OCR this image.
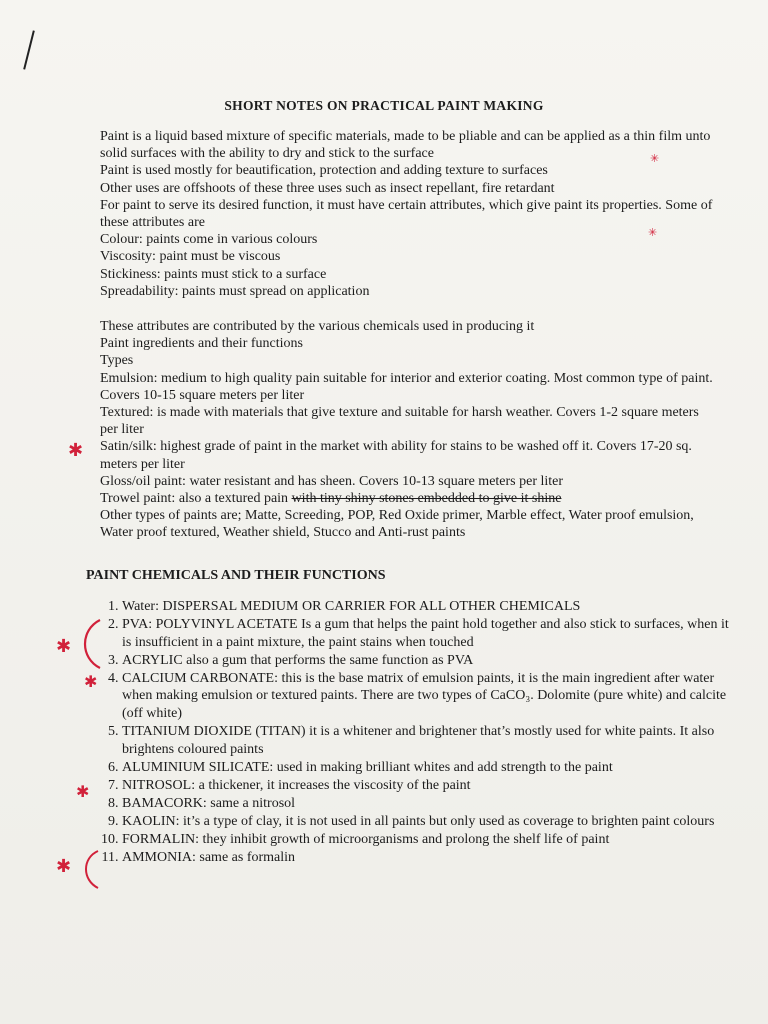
SHORT NOTES ON PRACTICAL PAINT MAKING

Paint is a liquid based mixture of specific materials, made to be pliable and can be applied as a thin film unto solid surfaces with the ability to dry and stick to the surface

Paint is used mostly for beautification, protection and adding texture to surfaces

Other uses are offshoots of these three uses such as insect repellant, fire retardant

For paint to serve its desired function, it must have certain attributes, which give paint its properties. Some of these attributes are

Colour: paints come in various colours

Viscosity: paint must be viscous

Stickiness: paints must stick to a surface

Spreadability: paints must spread on application

These attributes are contributed by the various chemicals used in producing it

Paint ingredients and their functions

Types

Emulsion: medium to high quality pain suitable for interior and exterior coating. Most common type of paint. Covers 10-15 square meters per liter

Textured: is made with materials that give texture and suitable for harsh weather. Covers 1-2 square meters per liter

Satin/silk: highest grade of paint in the market with ability for stains to be washed off it. Covers 17-20 sq. meters per liter

Gloss/oil paint: water resistant and has sheen. Covers 10-13 square meters per liter

Trowel paint: also a textured pain with tiny shiny stones embedded to give it shine

Other types of paints are; Matte, Screeding, POP, Red Oxide primer, Marble effect, Water proof emulsion, Water proof textured, Weather shield, Stucco and Anti-rust paints

PAINT CHEMICALS AND THEIR FUNCTIONS
1. Water: DISPERSAL MEDIUM OR CARRIER FOR ALL OTHER CHEMICALS
2. PVA: POLYVINYL ACETATE Is a gum that helps the paint hold together and also stick to surfaces, when it is insufficient in a paint mixture, the paint stains when touched
3. ACRYLIC also a gum that performs the same function as PVA
4. CALCIUM CARBONATE: this is the base matrix of emulsion paints, it is the main ingredient after water when making emulsion or textured paints. There are two types of CaCO₃. Dolomite (pure white) and calcite (off white)
5. TITANIUM DIOXIDE (TITAN) it is a whitener and brightener that’s mostly used for white paints. It also brightens coloured paints
6. ALUMINIUM SILICATE: used in making brilliant whites and add strength to the paint
7. NITROSOL: a thickener, it increases the viscosity of the paint
8. BAMACORK: same a nitrosol
9. KAOLIN: it’s a type of clay, it is not used in all paints but only used as coverage to brighten paint colours
10. FORMALIN: they inhibit growth of microorganisms and prolong the shelf life of paint
11. AMMONIA: same as formalin
✱
✱
✱
✱
✱
✳
✳
